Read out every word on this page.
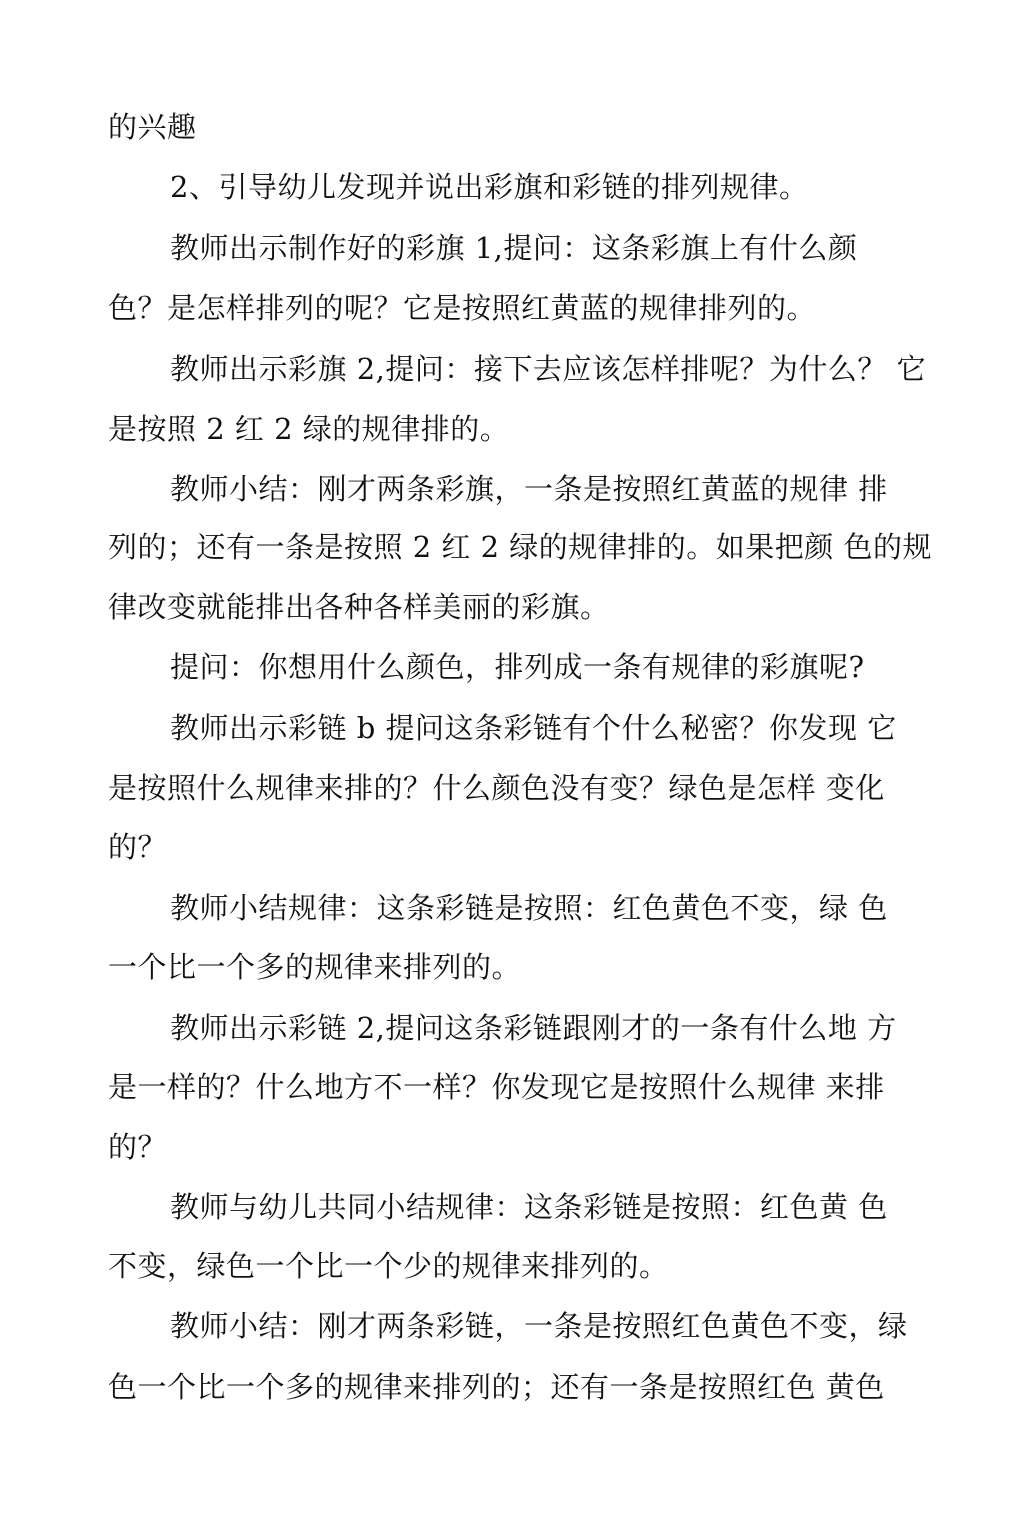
的兴趣
2、引导幼儿发现并说出彩旗和彩链的排列规律。
教师出示制作好的彩旗 1,提问：这条彩旗上有什么颜
色？是怎样排列的呢？它是按照红黄蓝的规律排列的。
教师出示彩旗 2,提问：接下去应该怎样排呢？为什么？ 它
是按照 2 红 2 绿的规律排的。
教师小结：刚才两条彩旗，一条是按照红黄蓝的规律 排
列的；还有一条是按照 2 红 2 绿的规律排的。如果把颜 色的规
律改变就能排出各种各样美丽的彩旗。
提问：你想用什么颜色，排列成一条有规律的彩旗呢?
教师出示彩链 b 提问这条彩链有个什么秘密？你发现 它
是按照什么规律来排的？什么颜色没有变？绿色是怎样 变化
的？
教师小结规律：这条彩链是按照：红色黄色不变，绿 色
一个比一个多的规律来排列的。
教师出示彩链 2,提问这条彩链跟刚才的一条有什么地 方
是一样的？什么地方不一样？你发现它是按照什么规律 来排
的？
教师与幼儿共同小结规律：这条彩链是按照：红色黄 色
不变，绿色一个比一个少的规律来排列的。
教师小结：刚才两条彩链，一条是按照红色黄色不变，绿
色一个比一个多的规律来排列的；还有一条是按照红色 黄色
